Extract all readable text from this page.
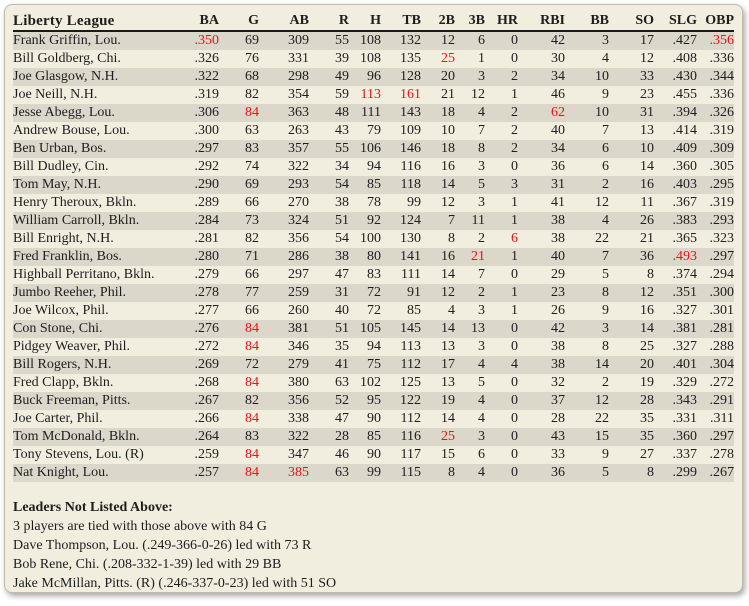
Liberty League	BA	G	AB	R	H	TB	2B	3B	HR	RBI	BB	SO	SLG	OBP
Frank Griffin, Lou.	.350	69	309	55	108	132	12	6	0	42	3	17	.427	.356
Bill Goldberg, Chi.	.326	76	331	39	108	135	25	1	0	30	4	12	.408	.336
Joe Glasgow, N.H.	.322	68	298	49	96	128	20	3	2	34	10	33	.430	.344
Joe Neill, N.H.	.319	82	354	59	113	161	21	12	1	46	9	23	.455	.336
Jesse Abegg, Lou.	.306	84	363	48	111	143	18	4	2	62	10	31	.394	.326
Andrew Bouse, Lou.	.300	63	263	43	79	109	10	7	2	40	7	13	.414	.319
Ben Urban, Bos.	.297	83	357	55	106	146	18	8	2	34	6	10	.409	.309
Bill Dudley, Cin.	.292	74	322	34	94	116	16	3	0	36	6	14	.360	.305
Tom May, N.H.	.290	69	293	54	85	118	14	5	3	31	2	16	.403	.295
Henry Theroux, Bkln.	.289	66	270	38	78	99	12	3	1	41	12	11	.367	.319
William Carroll, Bkln.	.284	73	324	51	92	124	7	11	1	38	4	26	.383	.293
Bill Enright, N.H.	.281	82	356	54	100	130	8	2	6	38	22	21	.365	.323
Fred Franklin, Bos.	.280	71	286	38	80	141	16	21	1	40	7	36	.493	.297
Highball Perritano, Bkln.	.279	66	297	47	83	111	14	7	0	29	5	8	.374	.294
Jumbo Reeher, Phil.	.278	77	259	31	72	91	12	2	1	23	8	12	.351	.300
Joe Wilcox, Phil.	.277	66	260	40	72	85	4	3	1	26	9	16	.327	.301
Con Stone, Chi.	.276	84	381	51	105	145	14	13	0	42	3	14	.381	.281
Pidgey Weaver, Phil.	.272	84	346	35	94	113	13	3	0	38	8	25	.327	.288
Bill Rogers, N.H.	.269	72	279	41	75	112	17	4	4	38	14	20	.401	.304
Fred Clapp, Bkln.	.268	84	380	63	102	125	13	5	0	32	2	19	.329	.272
Buck Freeman, Pitts.	.267	82	356	52	95	122	19	4	0	37	12	28	.343	.291
Joe Carter, Phil.	.266	84	338	47	90	112	14	4	0	28	22	35	.331	.311
Tom McDonald, Bkln.	.264	83	322	28	85	116	25	3	0	43	15	35	.360	.297
Tony Stevens, Lou. (R)	.259	84	347	46	90	117	15	6	0	33	9	27	.337	.278
Nat Knight, Lou.	.257	84	385	63	99	115	8	4	0	36	5	8	.299	.267
Leaders Not Listed Above:
3 players are tied with those above with 84 G
Dave Thompson, Lou. (.249-366-0-26) led with 73 R
Bob Rene, Chi. (.208-332-1-39) led with 29 BB
Jake McMillan, Pitts. (R) (.246-337-0-23) led with 51 SO
